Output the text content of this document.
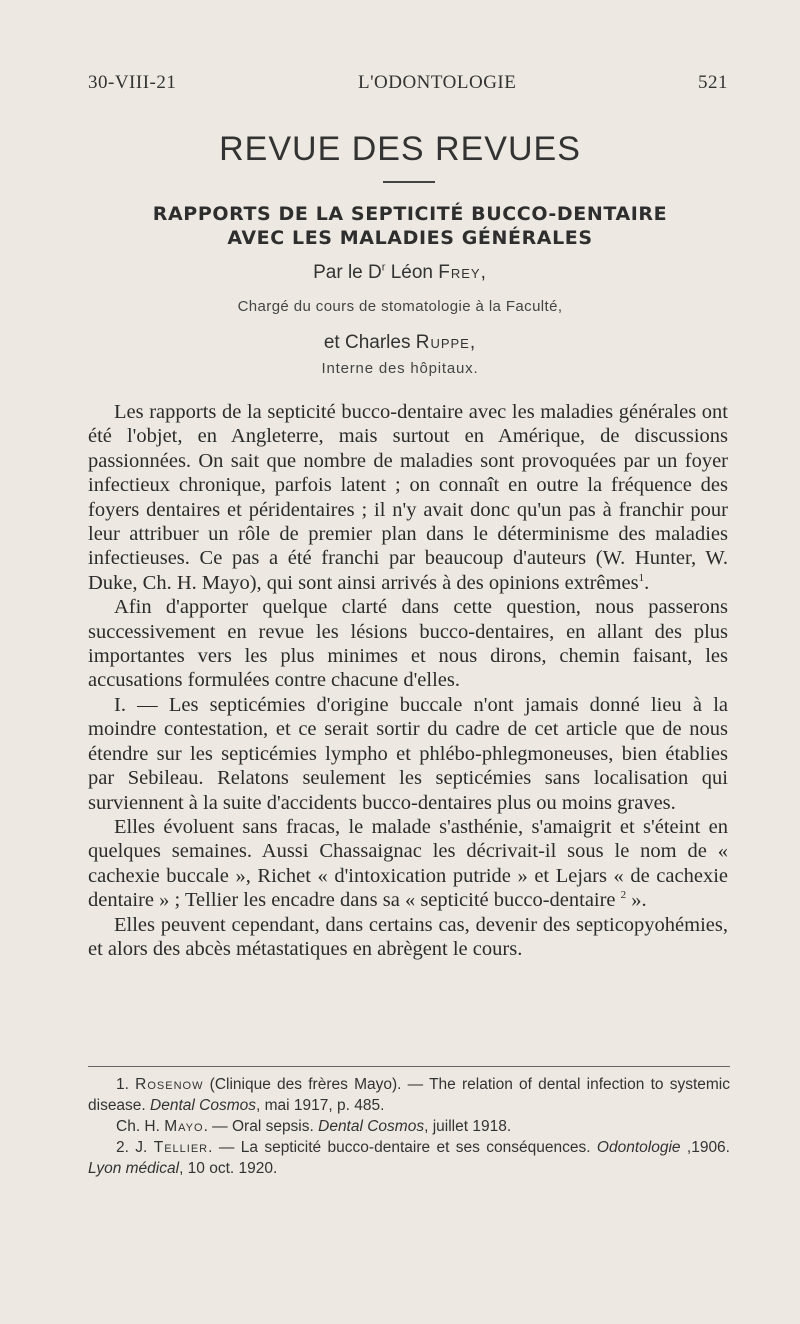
30-VIII-21	L'ODONTOLOGIE	521
REVUE DES REVUES
RAPPORTS DE LA SEPTICITÉ BUCCO-DENTAIRE
AVEC LES MALADIES GÉNÉRALES
Par le $D^r$ Léon Frey,
Chargé du cours de stomatologie à la Faculté,
et Charles Ruppe,
Interne des hôpitaux.

Les rapports de la septicité bucco-dentaire avec les maladies générales ont été l'objet, en Angleterre, mais surtout en Amérique, de discussions passionnées. On sait que nombre de maladies sont provoquées par un foyer infectieux chronique, parfois latent ; on connaît en outre la fréquence des foyers dentaires et péridentaires ; il n'y avait donc qu'un pas à franchir pour leur attribuer un rôle de premier plan dans le déterminisme des maladies infectieuses. Ce pas a été franchi par beaucoup d'auteurs (W. Hunter, W. Duke, Ch. H. Mayo), qui sont ainsi arrivés à des opinions extrêmes$^1$.

Afin d'apporter quelque clarté dans cette question, nous passerons successivement en revue les lésions bucco-dentaires, en allant des plus importantes vers les plus minimes et nous dirons, chemin faisant, les accusations formulées contre chacune d'elles.

I. — Les septicémies d'origine buccale n'ont jamais donné lieu à la moindre contestation, et ce serait sortir du cadre de cet article que de nous étendre sur les septicémies lympho et phlébo-phlegmoneuses, bien établies par Sebileau. Relatons seulement les septicémies sans localisation qui surviennent à la suite d'accidents bucco-dentaires plus ou moins graves.

Elles évoluent sans fracas, le malade s'asthénie, s'amaigrit et s'éteint en quelques semaines. Aussi Chassaignac les décrivait-il sous le nom de « cachexie buccale », Richet « d'intoxication putride » et Lejars « de cachexie dentaire » ; Tellier les encadre dans sa « septicité bucco-dentaire $^2$ ».

Elles peuvent cependant, dans certains cas, devenir des septicopyohémies, et alors des abcès métastatiques en abrègent le cours.

1. Rosenow (Clinique des frères Mayo). — The relation of dental infection to systemic disease. Dental Cosmos, mai 1917, p. 485.

Ch. H. Mayo. — Oral sepsis. Dental Cosmos, juillet 1918.

2. J. Tellier. — La septicité bucco-dentaire et ses conséquences. Odontologie ,1906. Lyon médical, 10 oct. 1920.
